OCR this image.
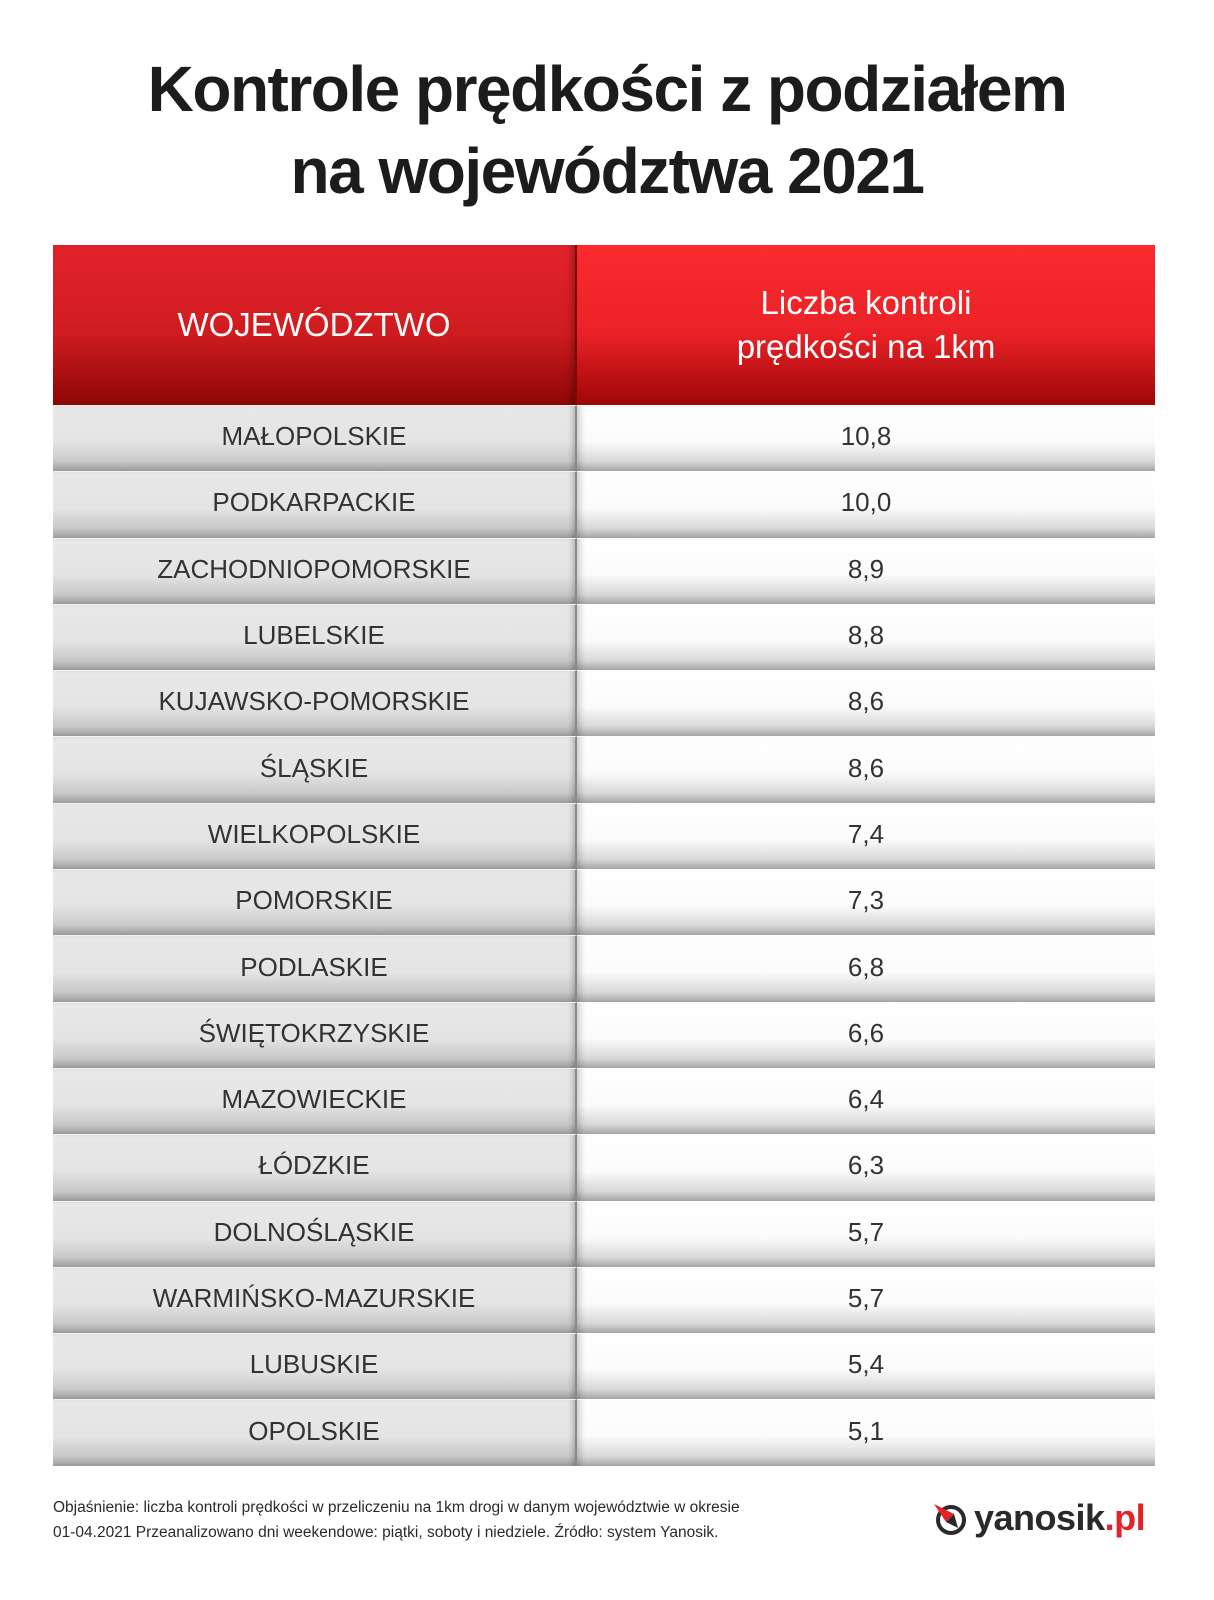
Kontrole prędkości z podziałem
na województwa 2021
WOJEWÓDZTWO
Liczba kontroli
prędkości na 1km
MAŁOPOLSKIE	10,8
PODKARPACKIE	10,0
ZACHODNIOPOMORSKIE	8,9
LUBELSKIE	8,8
KUJAWSKO-POMORSKIE	8,6
ŚLĄSKIE	8,6
WIELKOPOLSKIE	7,4
POMORSKIE	7,3
PODLASKIE	6,8
ŚWIĘTOKRZYSKIE	6,6
MAZOWIECKIE	6,4
ŁÓDZKIE	6,3
DOLNOŚLĄSKIE	5,7
WARMIŃSKO-MAZURSKIE	5,7
LUBUSKIE	5,4
OPOLSKIE	5,1

Objaśnienie: liczba kontroli prędkości w przeliczeniu na 1km drogi w danym województwie w okresie
01-04.2021 Przeanalizowano dni weekendowe: piątki, soboty i niedziele. Źródło: system Yanosik.	yanosik .pl
